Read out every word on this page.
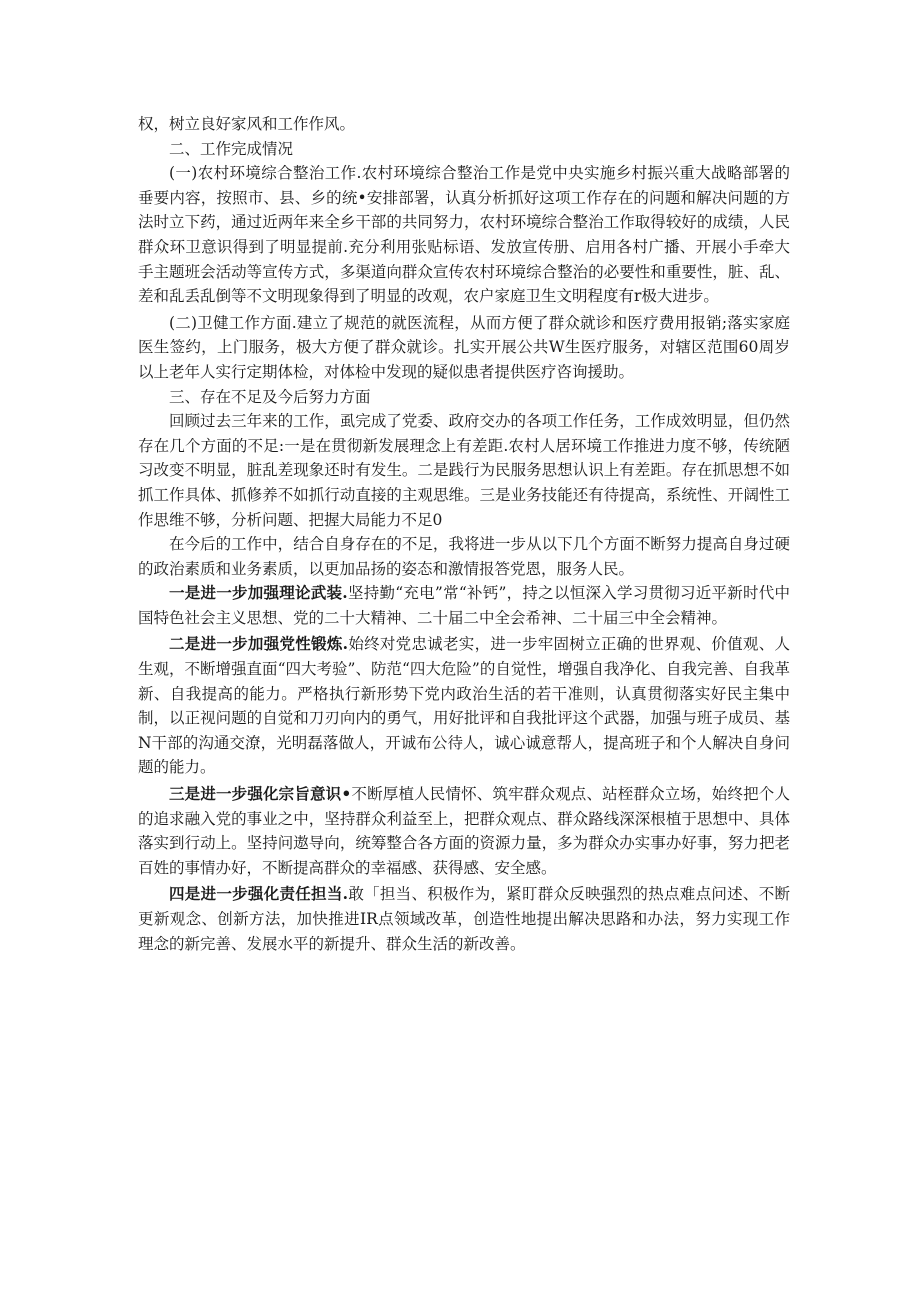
权，树立良好家风和工作作风。

二、工作完成情况

(一)农村环境综合整治工作.农村环境综合整治工作是党中央实施乡村振兴重大战略部署的垂要内容，按照市、县、乡的统•安排部署，认真分析抓好这项工作存在的问题和解决问题的方法时立下药，通过近两年来全乡干部的共同努力，农村环境综合整治工作取得较好的成绩，人民群众环卫意识得到了明显提前.充分利用张贴标语、发放宣传册、启用各村广播、开展小手牵大手主题班会活动等宣传方式，多渠道向群众宣传农村环境综合整治的必要性和重要性，脏、乱、差和乱丢乱倒等不文明现象得到了明显的改观，农户家庭卫生文明程度有r极大进步。

(二)卫健工作方面.建立了规范的就医流程，从而方便了群众就诊和医疗费用报销;落实家庭医生签约，上门服务，极大方便了群众就诊。扎实开展公共W生医疗服务，对辖区范围60周岁以上老年人实行定期体检，对体检中发现的疑似患者提供医疗咨询援助。

三、存在不足及今后努力方面

回顾过去三年来的工作，虱完成了党委、政府交办的各项工作任务，工作成效明显，但仍然存在几个方面的不足:一是在贯彻新发展理念上有差距.农村人居环境工作推进力度不够，传统陋习改变不明显，脏乱差现象还时有发生。二是践行为民服务思想认识上有差距。存在抓思想不如抓工作具体、抓修养不如抓行动直接的主观思维。三是业务技能还有待提高，系统性、开阔性工作思维不够，分析问题、把握大局能力不足0

在今后的工作中，结合自身存在的不足，我将进一步从以下几个方面不断努力提高自身过硬的政治素质和业务素质，以更加品扬的姿态和激情报答党恩，服务人民。

一是进一步加强理论武装.坚持勤“充电”常“补钙”，持之以恒深入学习贯彻习近平新时代中国特色社会主义思想、党的二十大精神、二十届二中全会希神、二十届三中全会精神。

二是进一步加强党性锻炼.始终对党忠诚老实，进一步牢固树立正确的世界观、价值观、人生观，不断增强直面“四大考验”、防范“四大危险”的自觉性，增强自我净化、自我完善、自我革新、自我提高的能力。严格执行新形势下党内政治生活的若干准则，认真贯彻落实好民主集中制，以正视问题的自觉和刀刃向内的勇气，用好批评和自我批评这个武器，加强与班子成员、基N干部的沟通交潦，光明磊落做人，开诚布公待人，诚心诚意帮人，提高班子和个人解决自身问题的能力。

三是进一步强化宗旨意识•不断厚植人民情怀、筑牢群众观点、站桎群众立场，始终把个人的追求融入党的事业之中，坚持群众利益至上，把群众观点、群众路线深深根植于思想中、具体落实到行动上。坚持问遨导向，统筹整合各方面的资源力量，多为群众办实事办好事，努力把老百姓的事情办好，不断提高群众的幸福感、获得感、安全感。

四是进一步强化责任担当.敢「担当、积极作为，紧盯群众反映强烈的热点难点问述、不断更新观念、创新方法，加快推进IR点领域改革，创造性地提出解决思路和办法，努力实现工作理念的新完善、发展水平的新提升、群众生活的新改善。
